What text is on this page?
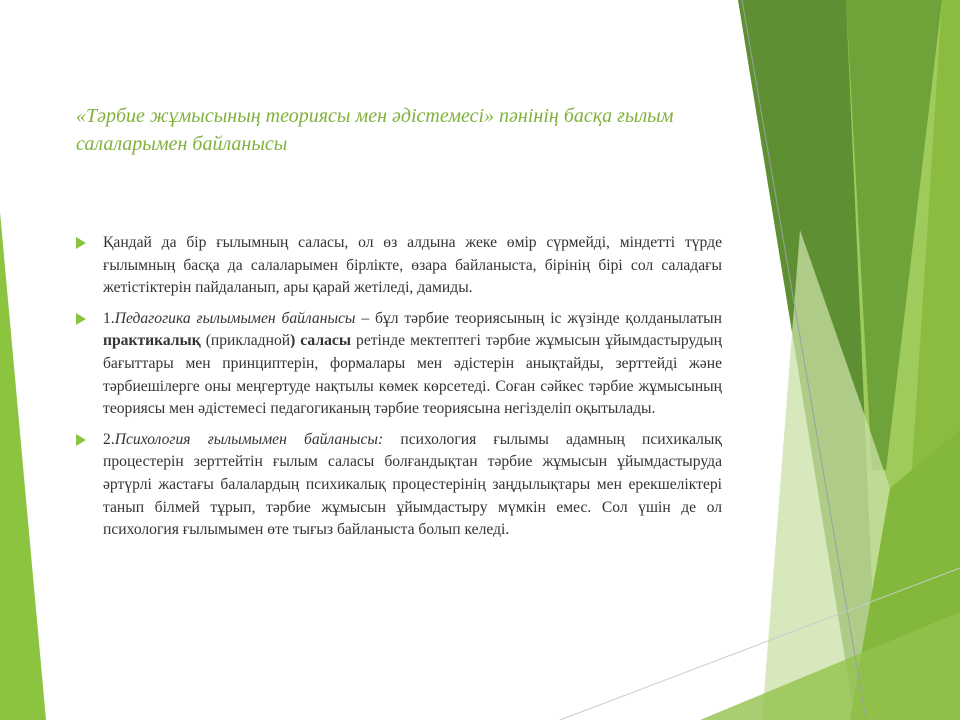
«Тәрбие жұмысының теориясы мен әдістемесі» пәнінің басқа ғылым салаларымен байланысы

Қандай да бір ғылымның саласы, ол өз алдына жеке өмір сүрмейді, міндетті түрде ғылымның басқа да салаларымен бірлікте, өзара байланыста, бірінің бірі сол саладағы жетістіктерін пайдаланып, ары қарай жетіледі, дамиды.

1.Педагогика ғылымымен байланысы – бұл тәрбие теориясының іс жүзінде қолданылатын практикалық (прикладной) саласы ретінде мектептегі тәрбие жұмысын ұйымдастырудың бағыттары мен принциптерін, формалары мен әдістерін анықтайды, зерттейді және тәрбиешілерге оны меңгертуде нақтылы көмек көрсетеді. Соған сәйкес тәрбие жұмысының теориясы мен әдістемесі педагогиканың тәрбие теориясына негізделіп оқытылады.

2.Психология ғылымымен байланысы: психология ғылымы адамның психикалық процестерін зерттейтін ғылым саласы болғандықтан тәрбие жұмысын ұйымдастыруда әртүрлі жастағы балалардың психикалық процестерінің заңдылықтары мен ерекшеліктері танып білмей тұрып, тәрбие жұмысын ұйымдастыру мүмкін емес. Сол үшін де ол психология ғылымымен өте тығыз байланыста болып келеді.
